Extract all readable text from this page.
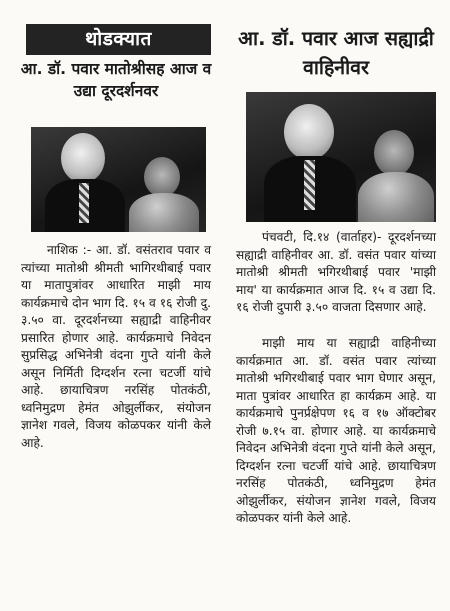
थोडक्यात
आ. डॉ. पवार मातोश्रीसह आज व उद्या दूरदर्शनवर

नाशिक :- आ. डॉ. वसंतराव पवार व त्यांच्या मातोश्री श्रीमती भागिरथीबाई पवार या मातापुत्रांवर आधारित माझी माय कार्यक्रमाचे दोन भाग दि. १५ व १६ रोजी दु. ३.५० वा. दूरदर्शनच्या सह्याद्री वाहिनीवर प्रसारित होणार आहे. कार्यक्रमाचे निवेदन सुप्रसिद्ध अभिनेत्री वंदना गुप्ते यांनी केले असून निर्मिती दिग्दर्शन रत्ना चटर्जी यांचे आहे. छायाचित्रण नरसिंह पोतकंठी, ध्वनिमुद्रण हेमंत ओझुर्लीकर, संयोजन ज्ञानेश गवले, विजय कोळपकर यांनी केले आहे.

आ. डॉ. पवार आज सह्याद्री वाहिनीवर

पंचवटी, दि.१४ (वार्ताहर)- दूरदर्शनच्या सह्याद्री वाहिनीवर आ. डॉ. वसंत पवार यांच्या मातोश्री श्रीमती भगिरथीबाई पवार 'माझी माय' या कार्यक्रमात आज दि. १५ व उद्या दि. १६ रोजी दुपारी ३.५० वाजता दिसणार आहे.

माझी माय या सह्याद्री वाहिनीच्या कार्यक्रमात आ. डॉ. वसंत पवार त्यांच्या मातोश्री भगिरथीबाई पवार भाग घेणार असून, माता पुत्रांवर आधारित हा कार्यक्रम आहे. या कार्यक्रमाचे पुनर्प्रक्षेपण १६ व १७ ऑक्टोबर रोजी ७.१५ वा. होणार आहे. या कार्यक्रमाचे निवेदन अभिनेत्री वंदना गुप्ते यांनी केले असून, दिग्दर्शन रत्ना चटर्जी यांचे आहे. छायाचित्रण नरसिंह पोतकंठी, ध्वनिमुद्रण हेमंत ओझुर्लीकर, संयोजन ज्ञानेश गवले, विजय कोळपकर यांनी केले आहे.
